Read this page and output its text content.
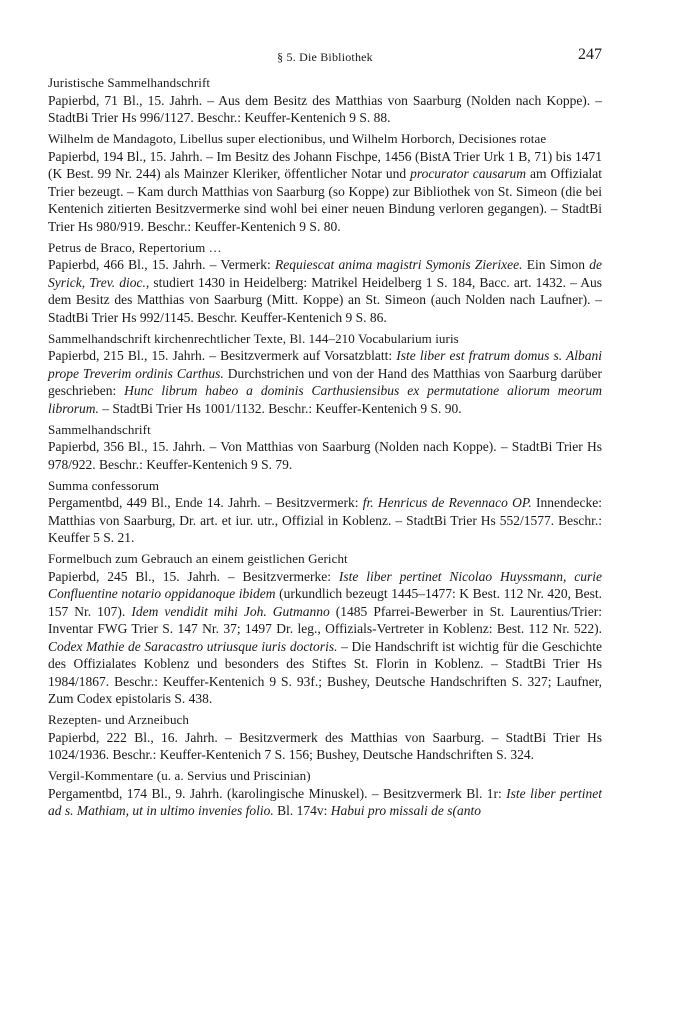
§ 5. Die Bibliothek	247
Juristische Sammelhandschrift
Papierbd, 71 Bl., 15. Jahrh. – Aus dem Besitz des Matthias von Saarburg (Nolden nach Koppe). – StadtBi Trier Hs 996/1127. Beschr.: Keuffer-Kentenich 9 S. 88.
Wilhelm de Mandagoto, Libellus super electionibus, und Wilhelm Horborch, Decisiones rotae
Papierbd, 194 Bl., 15. Jahrh. – Im Besitz des Johann Fischpe, 1456 (BistA Trier Urk 1 B, 71) bis 1471 (K Best. 99 Nr. 244) als Mainzer Kleriker, öffentlicher Notar und procurator causarum am Offizialat Trier bezeugt. – Kam durch Matthias von Saarburg (so Koppe) zur Bibliothek von St. Simeon (die bei Kentenich zitierten Besitzvermerke sind wohl bei einer neuen Bindung verloren gegangen). – StadtBi Trier Hs 980/919. Beschr.: Keuffer-Kentenich 9 S. 80.
Petrus de Braco, Repertorium …
Papierbd, 466 Bl., 15. Jahrh. – Vermerk: Requiescat anima magistri Symonis Zierixee. Ein Simon de Syrick, Trev. dioc., studiert 1430 in Heidelberg: Matrikel Heidelberg 1 S. 184, Bacc. art. 1432. – Aus dem Besitz des Matthias von Saarburg (Mitt. Koppe) an St. Simeon (auch Nolden nach Laufner). – StadtBi Trier Hs 992/1145. Beschr. Keuffer-Kentenich 9 S. 86.
Sammelhandschrift kirchenrechtlicher Texte, Bl. 144–210 Vocabularium iuris
Papierbd, 215 Bl., 15. Jahrh. – Besitzvermerk auf Vorsatzblatt: Iste liber est fratrum domus s. Albani prope Treverim ordinis Carthus. Durchstrichen und von der Hand des Matthias von Saarburg darüber geschrieben: Hunc librum habeo a dominis Carthusiensibus ex permutatione aliorum meorum librorum. – StadtBi Trier Hs 1001/1132. Beschr.: Keuffer-Kentenich 9 S. 90.
Sammelhandschrift
Papierbd, 356 Bl., 15. Jahrh. – Von Matthias von Saarburg (Nolden nach Koppe). – StadtBi Trier Hs 978/922. Beschr.: Keuffer-Kentenich 9 S. 79.
Summa confessorum
Pergamentbd, 449 Bl., Ende 14. Jahrh. – Besitzvermerk: fr. Henricus de Revennaco OP. Innendecke: Matthias von Saarburg, Dr. art. et iur. utr., Offizial in Koblenz. – StadtBi Trier Hs 552/1577. Beschr.: Keuffer 5 S. 21.
Formelbuch zum Gebrauch an einem geistlichen Gericht
Papierbd, 245 Bl., 15. Jahrh. – Besitzvermerke: Iste liber pertinet Nicolao Huyssmann, curie Confluentine notario oppidanoque ibidem (urkundlich bezeugt 1445–1477: K Best. 112 Nr. 420, Best. 157 Nr. 107). Idem vendidit mihi Joh. Gutmanno (1485 Pfarrei-Bewerber in St. Laurentius/Trier: Inventar FWG Trier S. 147 Nr. 37; 1497 Dr. leg., Offizials-Vertreter in Koblenz: Best. 112 Nr. 522). Codex Mathie de Saracastro utriusque iuris doctoris. – Die Handschrift ist wichtig für die Geschichte des Offizialates Koblenz und besonders des Stiftes St. Florin in Koblenz. – StadtBi Trier Hs 1984/1867. Beschr.: Keuffer-Kentenich 9 S. 93f.; Bushey, Deutsche Handschriften S. 327; Laufner, Zum Codex epistolaris S. 438.
Rezepten- und Arzneibuch
Papierbd, 222 Bl., 16. Jahrh. – Besitzvermerk des Matthias von Saarburg. – StadtBi Trier Hs 1024/1936. Beschr.: Keuffer-Kentenich 7 S. 156; Bushey, Deutsche Handschriften S. 324.
Vergil-Kommentare (u. a. Servius und Priscinian)
Pergamentbd, 174 Bl., 9. Jahrh. (karolingische Minuskel). – Besitzvermerk Bl. 1r: Iste liber pertinet ad s. Mathiam, ut in ultimo invenies folio. Bl. 174v: Habui pro missali de s(anto
